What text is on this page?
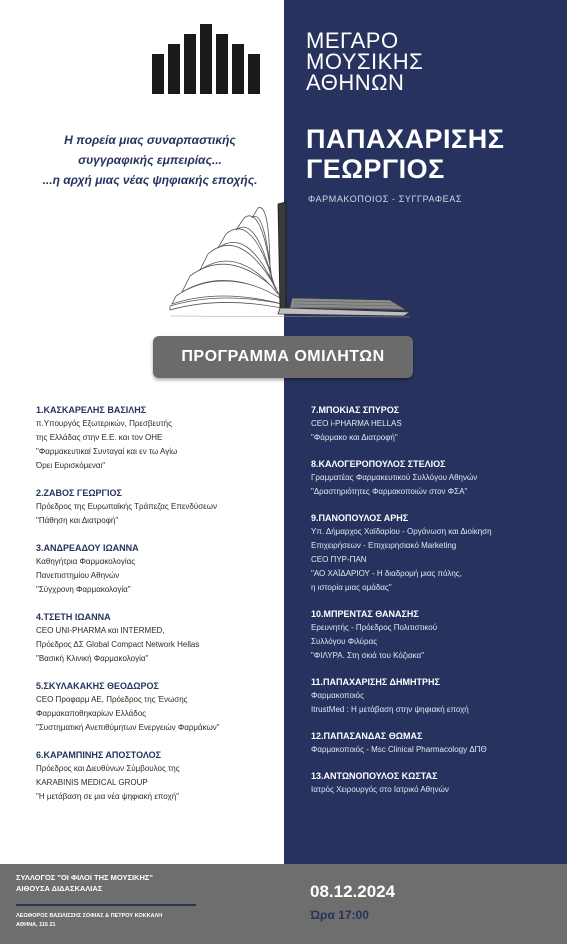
ΜΕΓΑΡΟ
ΜΟΥΣΙΚΗΣ
ΑΘΗΝΩΝ
Η πορεία μιας συναρπαστικής
συγγραφικής εμπειρίας...
...η αρχή μιας νέας ψηφιακής εποχής.
ΠΑΠΑΧΑΡΙΣΗΣ
ΓΕΩΡΓΙΟΣ
ΦΑΡΜΑΚΟΠΟΙΟΣ - ΣΥΓΓΡΑΦΕΑΣ
ΠΡΟΓΡΑΜΜΑ ΟΜΙΛΗΤΩΝ
1.ΚΑΣΚΑΡΕΛΗΣ ΒΑΣΙΛΗΣ
π.Υπουργός Εξωτερικών, Πρεσβευτής
της Ελλάδας στην Ε.Ε. και τον ΟΗΕ
"Φαρμακευτικαί Συνταγαί και εν τω Αγίω
Όρει Ευρισκόμεναι"
2.ΖΑΒΟΣ ΓΕΩΡΓΙΟΣ
Πρόεδρος της Ευρωπαϊκής Τράπεζας Επενδύσεων
"Πάθηση και Διατροφή"
3.ΑΝΔΡΕΑΔΟΥ ΙΩΑΝΝΑ
Καθηγήτρια Φαρμακολογίας
Πανεπιστημίου Αθηνών
"Σύγχρονη Φαρμακολογία"
4.ΤΣΕΤΗ ΙΩΑΝΝΑ
CEO UNI-PHARMA και INTERMED,
Πρόεδρος ΔΣ Global Compact Network Hellas
"Βασική Κλινική Φαρμακολογία"
5.ΣΚΥΛΑΚΑΚΗΣ ΘΕΟΔΩΡΟΣ
CEO Προφαρμ ΑΕ, Πρόεδρος της Ένωσης
Φαρμακαποθηκαρίων Ελλάδος
"Συστηματική Ανεπιθύμητων Ενεργειών Φαρμάκων"
6.ΚΑΡΑΜΠΙΝΗΣ ΑΠΟΣΤΟΛΟΣ
Πρόεδρος και Διευθύνων Σύμβουλος της
KARABINIS MEDICAL GROUP
"Η μετάβαση σε μια νέα ψηφιακή εποχή"
7.ΜΠΟΚΙΑΣ ΣΠΥΡΟΣ
CEO i-PHARMA HELLAS
"Φάρμακο και Διατροφή"
8.ΚΑΛΟΓΕΡΟΠΟΥΛΟΣ ΣΤΕΛΙΟΣ
Γραμματέας Φαρμακευτικού Συλλόγου Αθηνών
"Δραστηριότητες Φαρμακοποιών στον ΦΣΑ"
9.ΠΑΝΟΠΟΥΛΟΣ ΑΡΗΣ
Υπ. Δήμαρχος Χαϊδαρίου - Οργάνωση και Διοίκηση
Επιχειρήσεων - Επιχειρησιακό Marketing
CEO ΠΥΡ-ΠΑΝ
"ΑΟ ΧΑΪΔΑΡΙΟΥ - Η διαδρομή μιας πόλης,
η ιστορία μιας ομάδας"
10.ΜΠΡΕΝΤΑΣ ΘΑΝΑΣΗΣ
Ερευνητής - Πρόεδρος Πολιτιστικού
Συλλόγου Φιλύρας
"ΦΙΛΥΡΑ. Στη σκιά του Κόζιακα"
11.ΠΑΠΑΧΑΡΙΣΗΣ ΔΗΜΗΤΡΗΣ
Φαρμακοποιός
ItrustMed : Η μετάβαση στην ψηφιακή εποχή
12.ΠΑΠΑΣΑΝΔΑΣ ΘΩΜΑΣ
Φαρμακοποιός - Msc Clinical Pharmacology ΔΠΘ
13.ΑΝΤΩΝΟΠΟΥΛΟΣ ΚΩΣΤΑΣ
Ιατρός Χειρουργός στο Ιατρικό Αθηνών
ΣΥΛΛΟΓΟΣ "ΟΙ ΦΙΛΟΙ ΤΗΣ ΜΟΥΣΙΚΗΣ"
ΑΙΘΟΥΣΑ ΔΙΔΑΣΚΑΛΙΑΣ
ΛΕΩΦΟΡΟΣ ΒΑΣΙΛΙΣΣΗΣ ΣΟΦΙΑΣ & ΠΕΤΡΟΥ ΚΟΚΚΑΛΗ
ΑΘΗΝΑ, 115 21
08.12.2024
Ώρα 17:00
